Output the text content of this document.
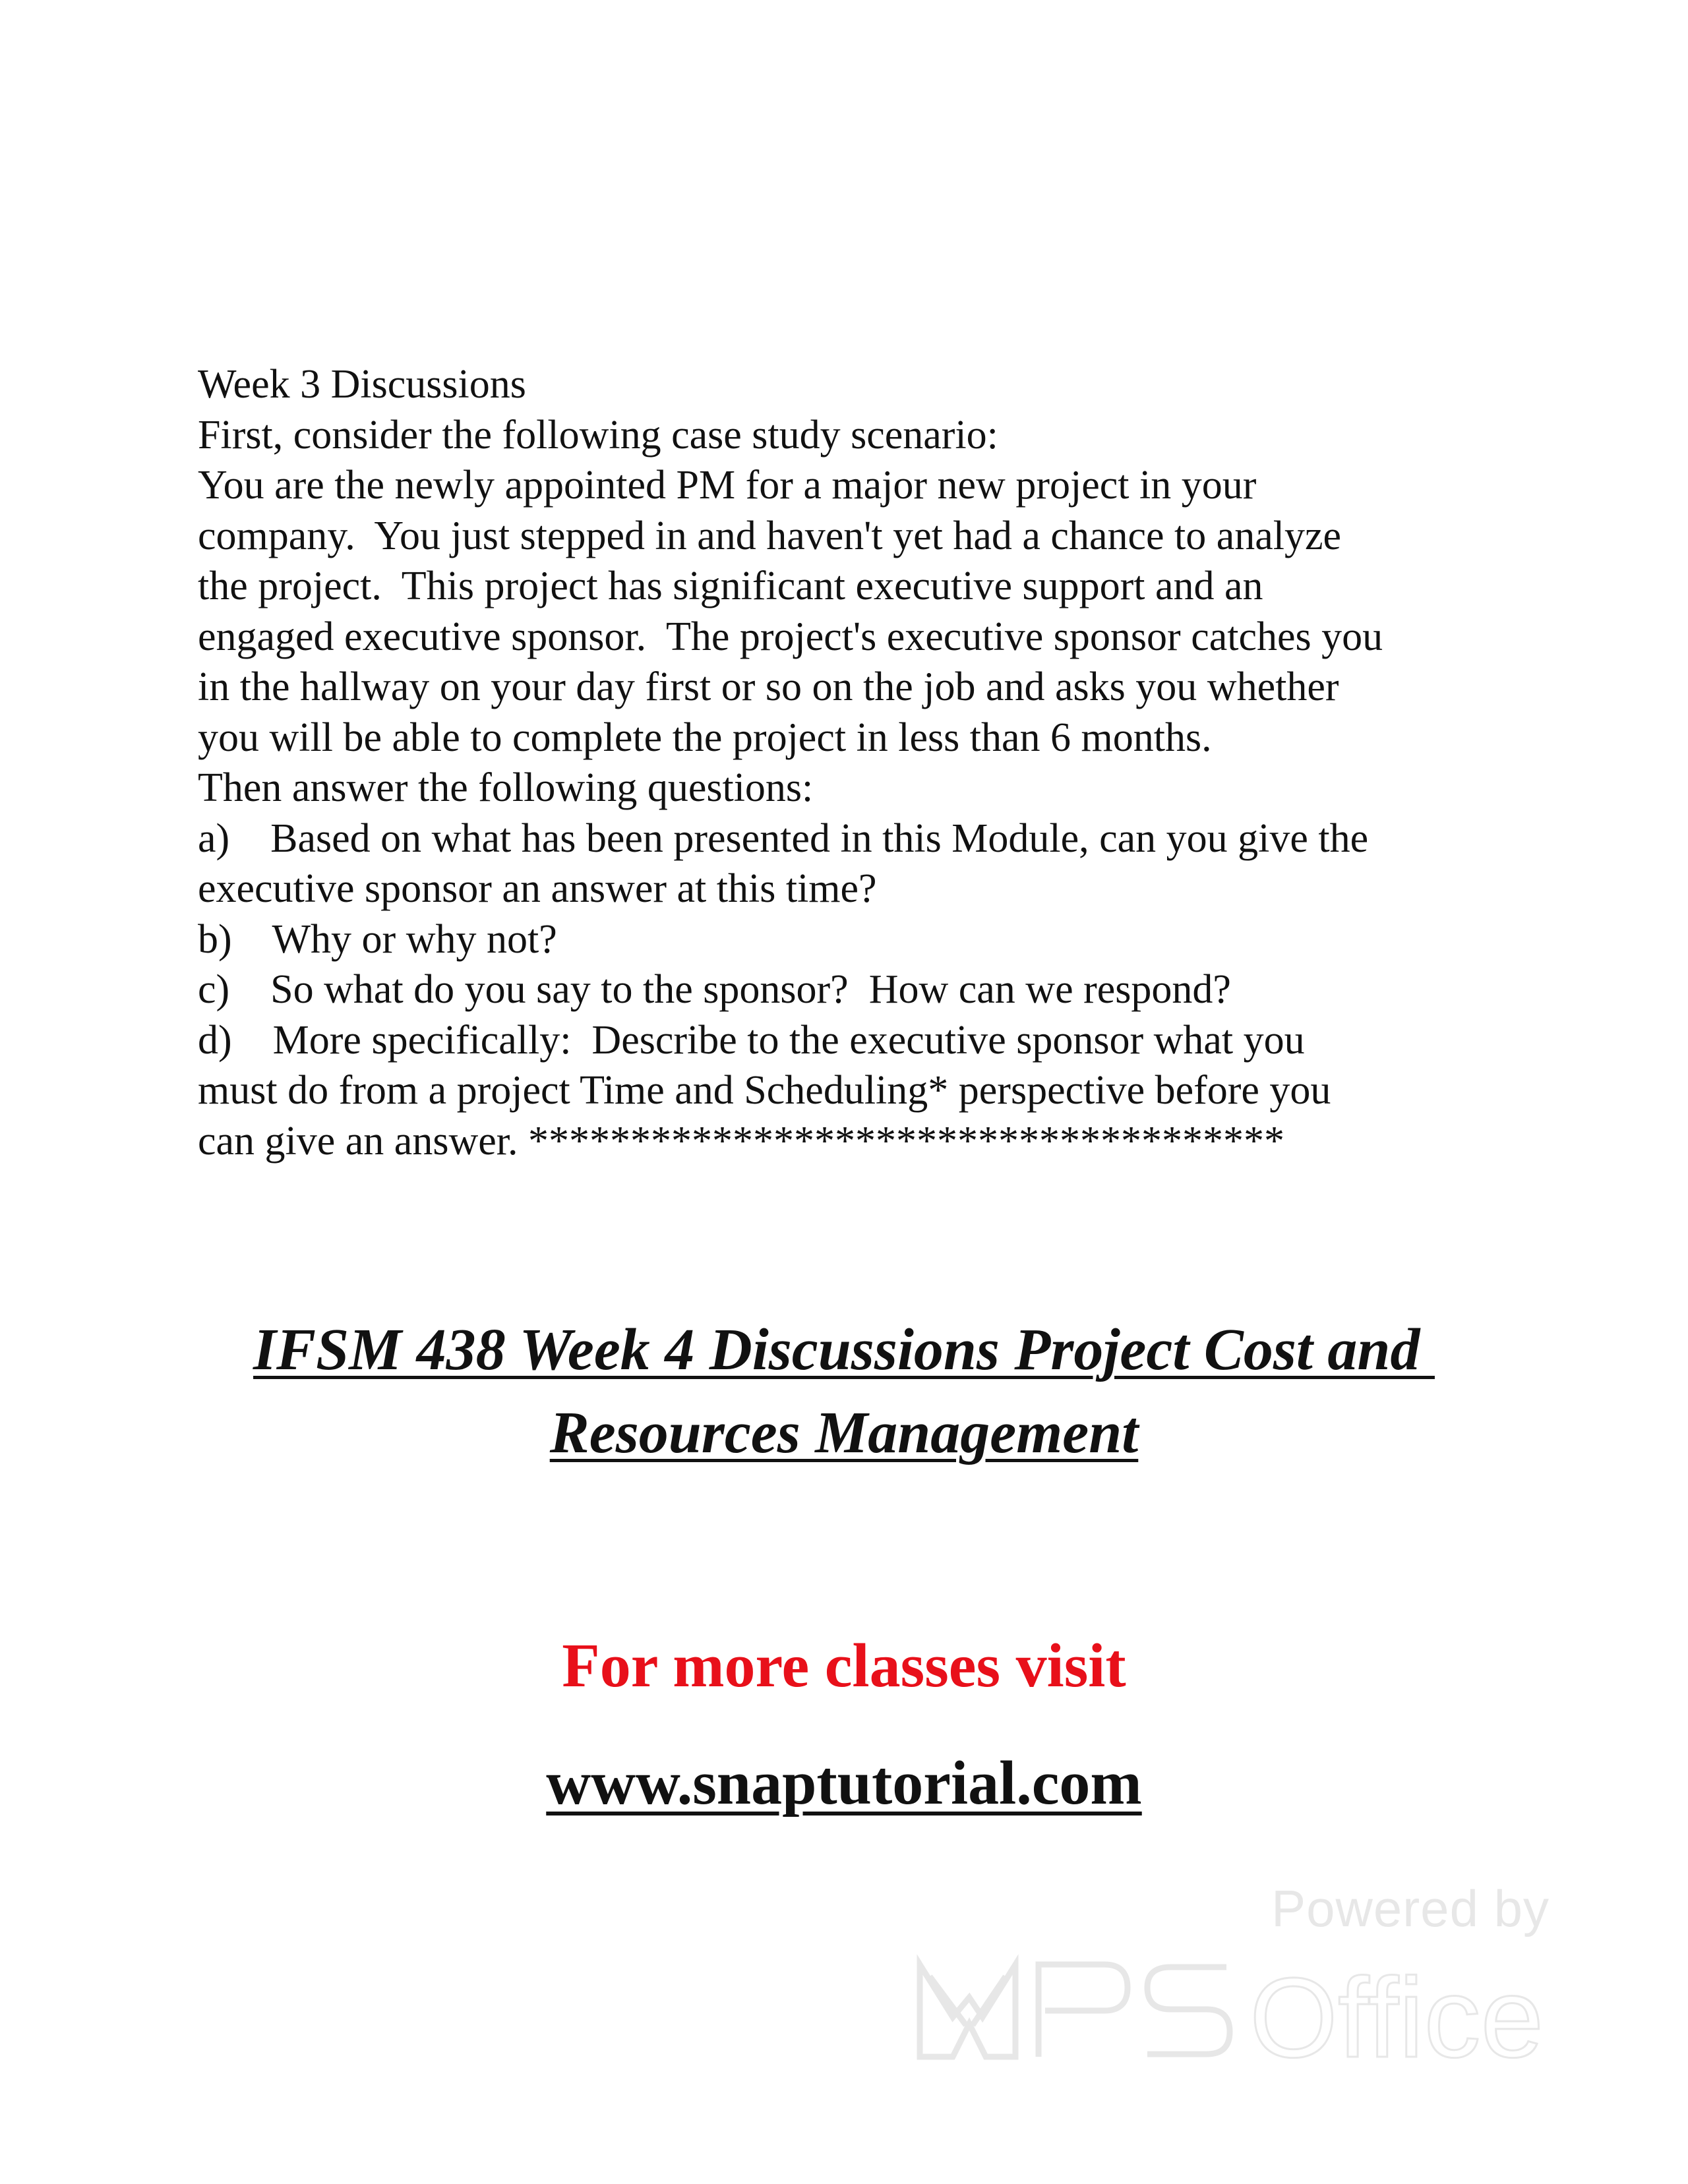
Week 3 Discussions
First, consider the following case study scenario:
You are the newly appointed PM for a major new project in your
company.  You just stepped in and haven't yet had a chance to analyze
the project.  This project has significant executive support and an
engaged executive sponsor.  The project's executive sponsor catches you
in the hallway on your day first or so on the job and asks you whether
you will be able to complete the project in less than 6 months.
Then answer the following questions:
a)    Based on what has been presented in this Module, can you give the
executive sponsor an answer at this time?
b)    Why or why not?
c)    So what do you say to the sponsor?  How can we respond?
d)    More specifically:  Describe to the executive sponsor what you
must do from a project Time and Scheduling* perspective before you
can give an answer. *************************************
IFSM 438 Week 4 Discussions Project Cost and
Resources Management

For more classes visit

www.snaptutorial.com

Powered by
Office
